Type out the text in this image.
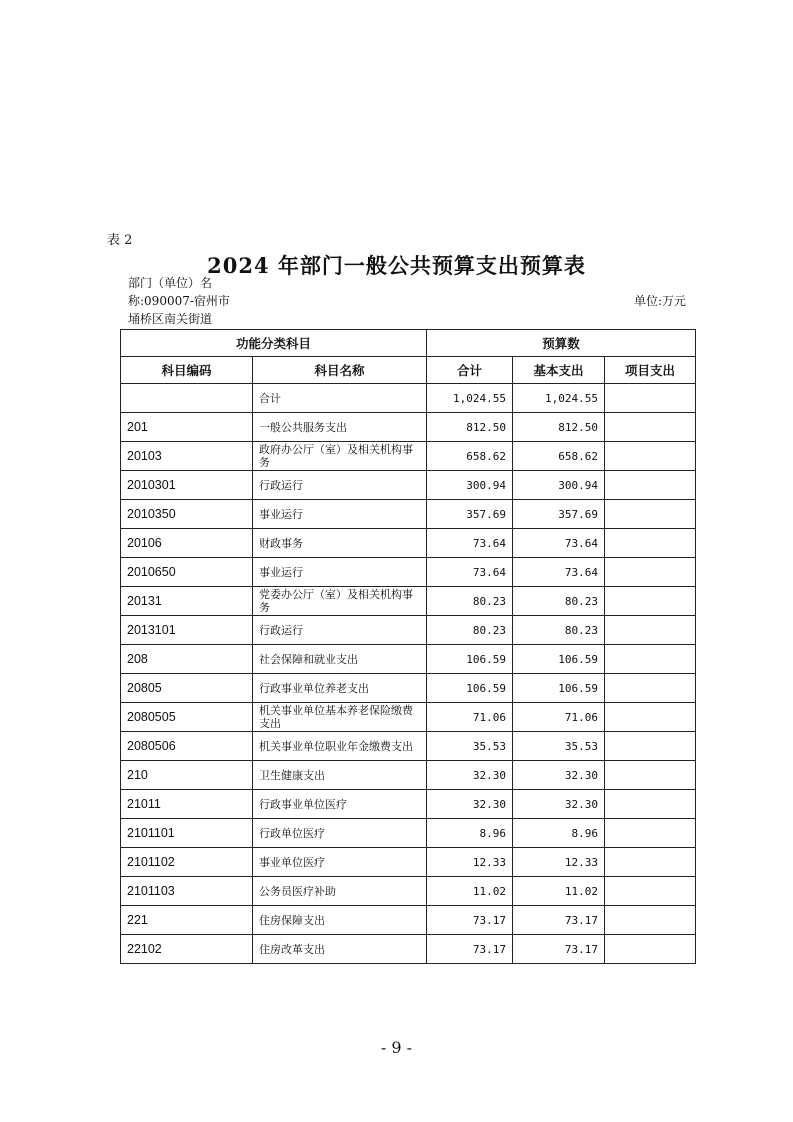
表 2
2024 年部门一般公共预算支出预算表
部门（单位）名
称:090007-宿州市
埇桥区南关街道
单位:万元
功能分类科目		预算数		
科目编码	科目名称	合计	基本支出	项目支出
	合计	1,024.55	1,024.55	
201	一般公共服务支出	812.50	812.50	
20103	政府办公厅（室）及相关机构事务	658.62	658.62	
2010301	行政运行	300.94	300.94	
2010350	事业运行	357.69	357.69	
20106	财政事务	73.64	73.64	
2010650	事业运行	73.64	73.64	
20131	党委办公厅（室）及相关机构事务	80.23	80.23	
2013101	行政运行	80.23	80.23	
208	社会保障和就业支出	106.59	106.59	
20805	行政事业单位养老支出	106.59	106.59	
2080505	机关事业单位基本养老保险缴费支出	71.06	71.06	
2080506	机关事业单位职业年金缴费支出	35.53	35.53	
210	卫生健康支出	32.30	32.30	
21011	行政事业单位医疗	32.30	32.30	
2101101	行政单位医疗	8.96	8.96	
2101102	事业单位医疗	12.33	12.33	
2101103	公务员医疗补助	11.02	11.02	
221	住房保障支出	73.17	73.17	
22102	住房改革支出	73.17	73.17	
- 9 -
